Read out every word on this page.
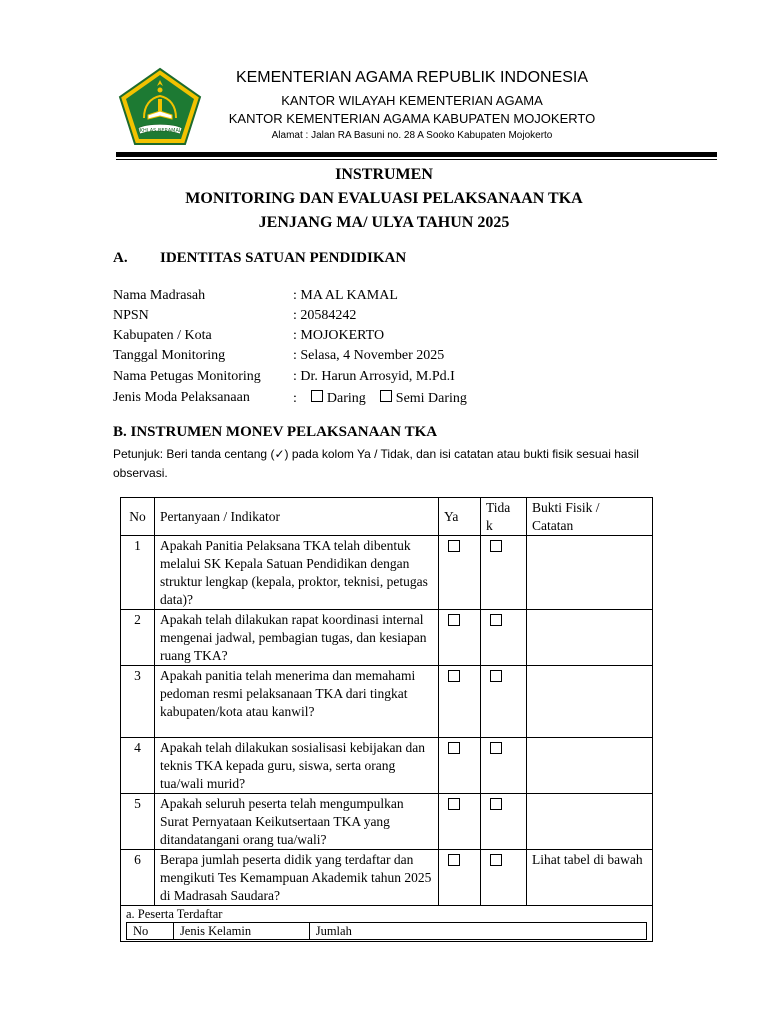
IKHLAS BERAMAL
KEMENTERIAN AGAMA REPUBLIK INDONESIA
KANTOR WILAYAH KEMENTERIAN AGAMA
KANTOR KEMENTERIAN AGAMA KABUPATEN MOJOKERTO
Alamat : Jalan RA Basuni no. 28 A Sooko Kabupaten Mojokerto
INSTRUMEN
MONITORING DAN EVALUASI PELAKSANAAN TKA
JENJANG MA/ ULYA TAHUN 2025
A. IDENTITAS SATUAN PENDIDIKAN
Nama Madrasah	: MA AL KAMAL
NPSN	: 20584242
Kabupaten / Kota	: MOJOKERTO
Tanggal Monitoring	: Selasa, 4 November 2025
Nama Petugas Monitoring : Dr. Harun Arrosyid, M.Pd.I
Jenis Moda Pelaksanaan	: Daring Semi Daring
B. INSTRUMEN MONEV PELAKSANAAN TKA
Petunjuk: Beri tanda centang (✓) pada kolom Ya / Tidak, dan isi catatan atau bukti fisik sesuai hasil observasi.
No	Pertanyaan / Indikator	Ya	Tida
k	Bukti Fisik /
Catatan
1	Apakah Panitia Pelaksana TKA telah dibentuk melalui SK Kepala Satuan Pendidikan dengan struktur lengkap (kepala, proktor, teknisi, petugas data)?			
2	Apakah telah dilakukan rapat koordinasi internal mengenai jadwal, pembagian tugas, dan kesiapan ruang TKA?			
3	Apakah panitia telah menerima dan memahami pedoman resmi pelaksanaan TKA dari tingkat kabupaten/kota atau kanwil?			
4	Apakah telah dilakukan sosialisasi kebijakan dan teknis TKA kepada guru, siswa, serta orang tua/wali murid?			
5	Apakah seluruh peserta telah mengumpulkan Surat Pernyataan Keikutsertaan TKA yang ditandatangani orang tua/wali?			
6	Berapa jumlah peserta didik yang terdaftar dan mengikuti Tes Kemampuan Akademik tahun 2025 di Madrasah Saudara?			Lihat tabel di bawah

a. Peserta Terdaftar
No	Jenis Kelamin	Jumlah
